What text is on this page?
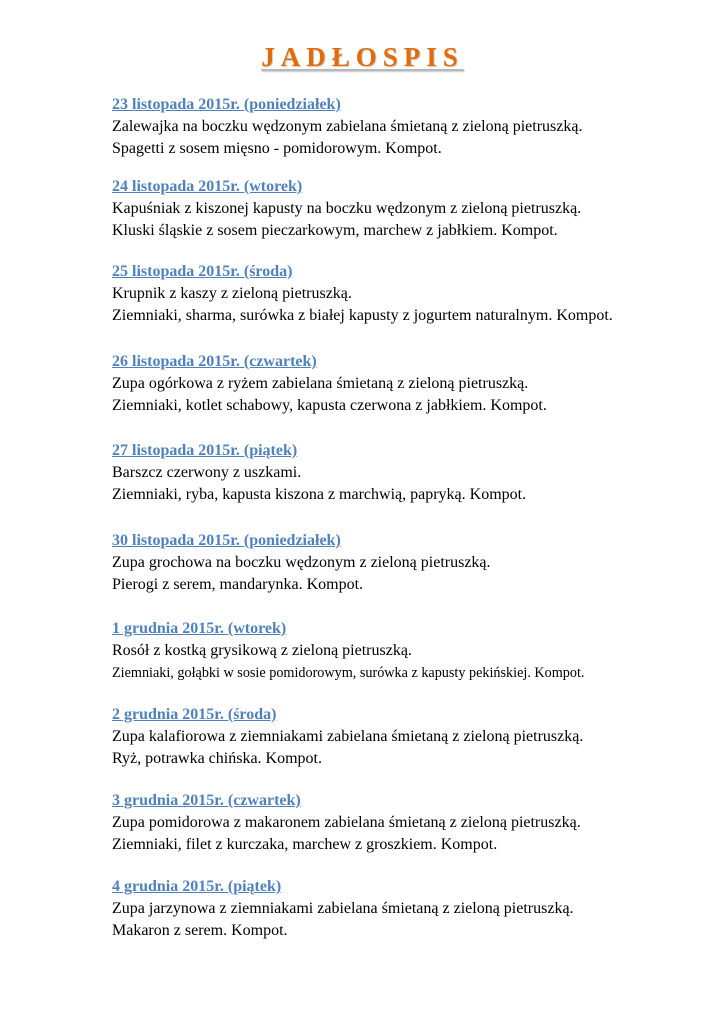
JADŁOSPIS
23 listopada 2015r. (poniedziałek)
Zalewajka na boczku wędzonym zabielana śmietaną z zieloną pietruszką.
Spagetti z sosem mięsno - pomidorowym. Kompot.
24 listopada 2015r. (wtorek)
Kapuśniak z kiszonej kapusty na boczku wędzonym z zieloną pietruszką.
Kluski śląskie z sosem pieczarkowym, marchew z jabłkiem. Kompot.
25 listopada 2015r. (środa)
Krupnik z kaszy z zieloną pietruszką.
Ziemniaki, sharma, surówka z białej kapusty z jogurtem naturalnym. Kompot.
26 listopada 2015r. (czwartek)
Zupa ogórkowa z ryżem zabielana śmietaną z zieloną pietruszką.
Ziemniaki, kotlet schabowy, kapusta czerwona z jabłkiem. Kompot.
27 listopada 2015r. (piątek)
Barszcz czerwony z uszkami.
Ziemniaki, ryba, kapusta kiszona z marchwią, papryką. Kompot.
30 listopada 2015r. (poniedziałek)
Zupa grochowa na boczku wędzonym z zieloną pietruszką.
Pierogi z serem, mandarynka. Kompot.
1 grudnia 2015r. (wtorek)
Rosół z kostką grysikową z zieloną pietruszką.
Ziemniaki, gołąbki w sosie pomidorowym, surówka z kapusty pekińskiej. Kompot.
2 grudnia 2015r. (środa)
Zupa kalafiorowa z ziemniakami zabielana śmietaną z zieloną pietruszką.
Ryż, potrawka chińska. Kompot.
3 grudnia 2015r. (czwartek)
Zupa pomidorowa z makaronem zabielana śmietaną z zieloną pietruszką.
Ziemniaki, filet z kurczaka, marchew z groszkiem. Kompot.
4 grudnia 2015r. (piątek)
Zupa jarzynowa z ziemniakami zabielana śmietaną z zieloną pietruszką.
Makaron z serem. Kompot.
